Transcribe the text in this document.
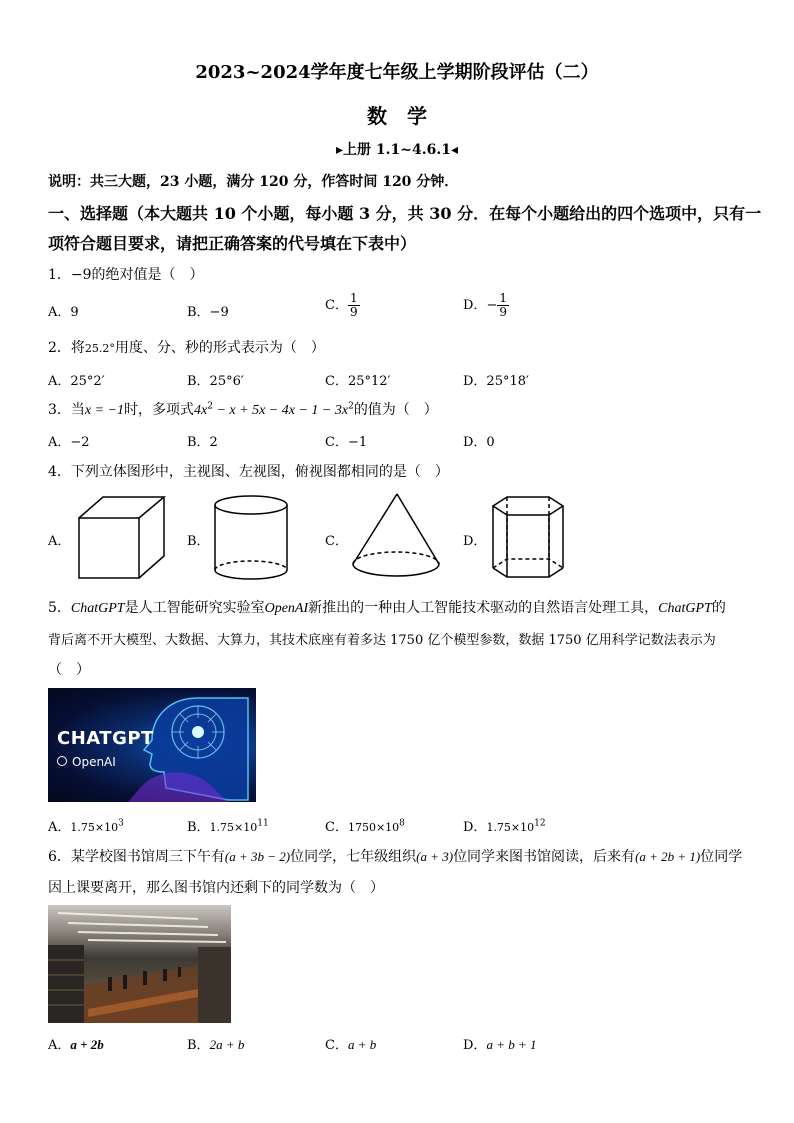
2023~2024学年度七年级上学期阶段评估（二）
数　学
▸上册 1.1~4.6.1◂
说明：共三大题，23 小题，满分 120 分，作答时间 120 分钟．
一、选择题（本大题共 10 个小题，每小题 3 分，共 30 分．在每个小题给出的四个选项中，只有一
项符合题目要求，请把正确答案的代号填在下表中）
1．−9的绝对值是（　）
A．9	B．−9	C． $\frac{1}{9}$	D．− $\frac{1}{9}$
2．将25.2°用度、分、秒的形式表示为（　）
A．25°2′	B．25°6′	C．25°12′	D．25°18′
3．当x = −1时，多项式$4x^2 - x + 5x - 4x - 1 - 3x^2$的值为（　）
A．−2	B．2	C．−1	D．0
4．下列立体图形中，主视图、左视图，俯视图都相同的是（　）
A．	B．	C．	D．
5．ChatGPT是人工智能研究实验室OpenAI新推出的一种由人工智能技术驱动的自然语言处理工具，ChatGPT的
背后离不开大模型、大数据、大算力，其技术底座有着多达 1750 亿个模型参数，数据 1750 亿用科学记数法表示为
（　）
CHATGPT
OpenAI
A．$1.75\times 10^3$	B．$1.75\times 10^{11}$	C．$1750\times 10^8$	D．$1.75\times 10^{12}$
6．某学校图书馆周三下午有(a + 3b − 2)位同学，七年级组织(a + 3)位同学来图书馆阅读，后来有(a + 2b + 1)位同学
因上课要离开，那么图书馆内还剩下的同学数为（　）
A．a + 2b	B．2a + b	C．a + b	D．a + b + 1
